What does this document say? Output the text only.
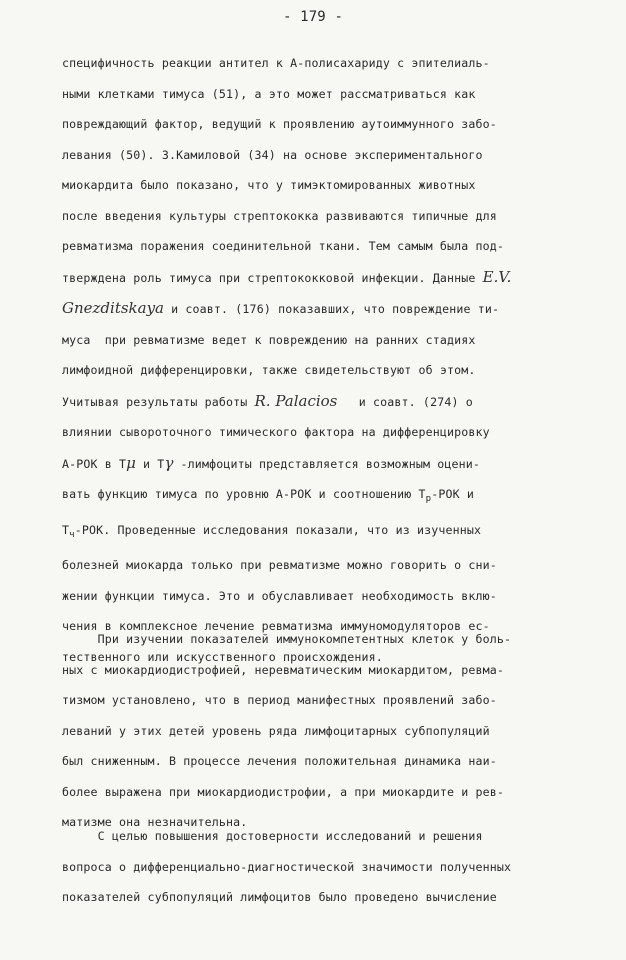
- 179 -
специфичность реакции антител к А-полисахариду с эпителиаль-
ными клетками тимуса (51), а это может рассматриваться как
повреждающий фактор, ведущий к проявлению аутоиммунного забо-
левания (50). З.Камиловой (34) на основе экспериментального
миокардита было показано, что у тимэктомированных животных
после введения культуры стрептококка развиваются типичные для
ревматизма поражения соединительной ткани. Тем самым была под-
тверждена роль тимуса при стрептококковой инфекции. Данные E.V.
Gnezditskaya и соавт. (176) показавших, что повреждение ти-
муса  при ревматизме ведет к повреждению на ранних стадиях
лимфоидной дифференцировки, также свидетельствуют об этом.
Учитывая результаты работы R. Palacios   и соавт. (274) о
влиянии сывороточного тимического фактора на дифференцировку
А-РОК в Тμ и Тγ -лимфоциты представляется возможным оцени-
вать функцию тимуса по уровню А-РОК и соотношению $Т_р$-РОК и
$Т_ч$-РОК. Проведенные исследования показали, что из изученных
болезней миокарда только при ревматизме можно говорить о сни-
жении функции тимуса. Это и обуславливает необходимость вклю-
чения в комплексное лечение ревматизма иммуномодуляторов ес-
тественного или искусственного происхождения.
При изучении показателей иммунокомпетентных клеток у боль-
ных с миокардиодистрофией, неревматическим миокардитом, ревма-
тизмом установлено, что в период манифестных проявлений забо-
леваний у этих детей уровень ряда лимфоцитарных субпопуляций
был сниженным. В процессе лечения положительная динамика наи-
более выражена при миокардиодистрофии, а при миокардите и рев-
матизме она незначительна.
С целью повышения достоверности исследований и решения
вопроса о дифференциально-диагностической значимости полученных
показателей субпопуляций лимфоцитов было проведено вычисление
